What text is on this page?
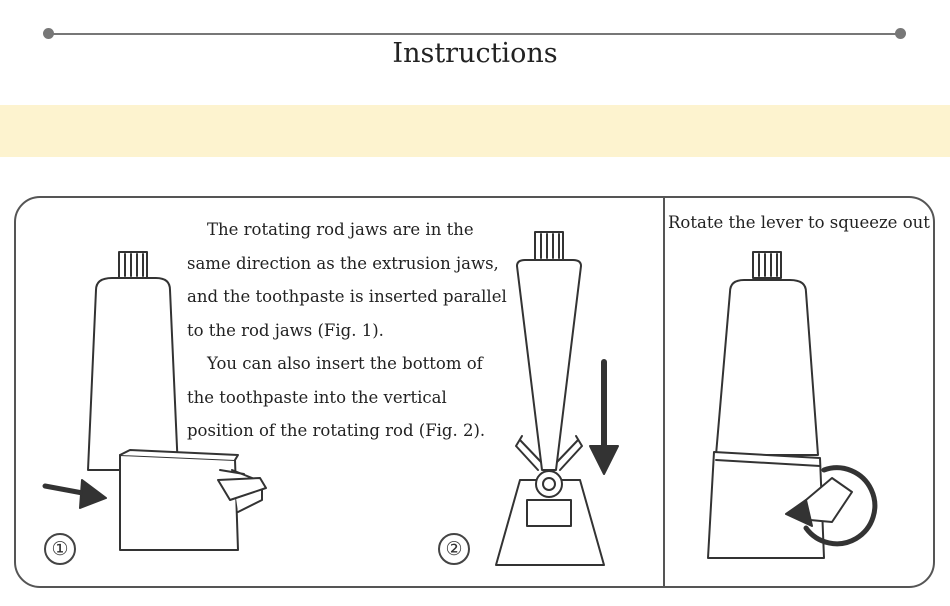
Instructions

The rotating rod jaws are in the

same direction as the extrusion jaws,

and the toothpaste is inserted parallel

to the rod jaws (Fig. 1).

You can also insert the bottom of

the toothpaste into the vertical

position of the rotating rod (Fig. 2).

Rotate the lever to squeeze out
①	②
